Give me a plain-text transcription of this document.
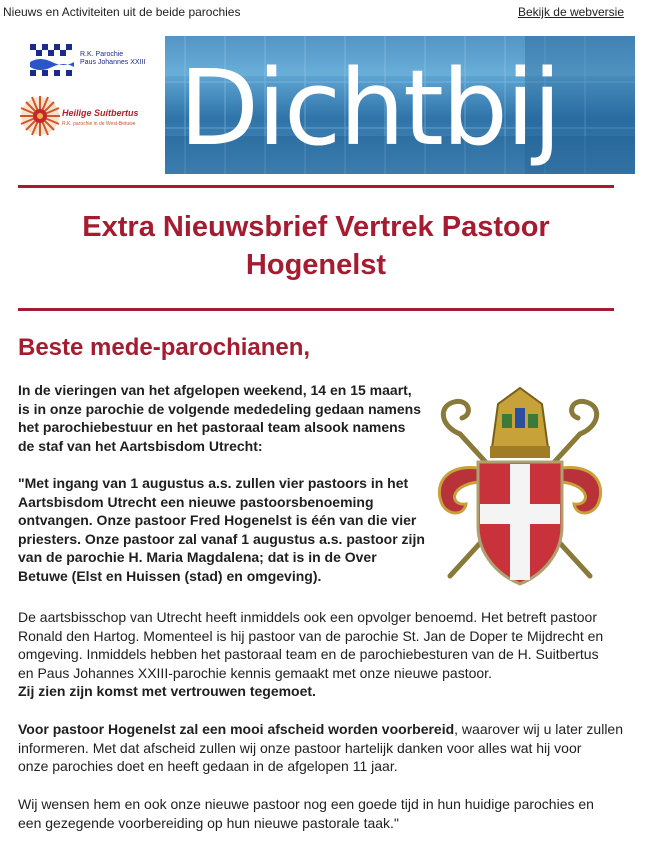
Nieuws en Activiteiten uit de beide parochies	Bekijk de webversie
R.K. Parochie
Paus Johannes XXIII
Heilige Suitbertus
R.K. parochie in de West-Betuwe Dichtbij
Extra Nieuwsbrief Vertrek Pastoor
Hogenelst
Beste mede-parochianen,
In de vieringen van het afgelopen weekend, 14 en 15 maart,
is in onze parochie de volgende mededeling gedaan namens
het parochiebestuur en het pastoraal team alsook namens
de staf van het Aartsbisdom Utrecht:
"Met ingang van 1 augustus a.s. zullen vier pastoors in het
Aartsbisdom Utrecht een nieuwe pastoorsbenoeming
ontvangen. Onze pastoor Fred Hogenelst is één van die vier
priesters. Onze pastoor zal vanaf 1 augustus a.s. pastoor zijn
van de parochie H. Maria Magdalena; dat is in de Over
Betuwe (Elst en Huissen (stad) en omgeving).
De aartsbisschop van Utrecht heeft inmiddels ook een opvolger benoemd. Het betreft pastoor
Ronald den Hartog. Momenteel is hij pastoor van de parochie St. Jan de Doper te Mijdrecht en
omgeving. Inmiddels hebben het pastoraal team en de parochiebesturen van de H. Suitbertus
en Paus Johannes XXIII-parochie kennis gemaakt met onze nieuwe pastoor.
Zij zien zijn komst met vertrouwen tegemoet.
Voor pastoor Hogenelst zal een mooi afscheid worden voorbereid, waarover wij u later zullen
informeren. Met dat afscheid zullen wij onze pastoor hartelijk danken voor alles wat hij voor
onze parochies doet en heeft gedaan in de afgelopen 11 jaar.
Wij wensen hem en ook onze nieuwe pastoor nog een goede tijd in hun huidige parochies en
een gezegende voorbereiding op hun nieuwe pastorale taak."
